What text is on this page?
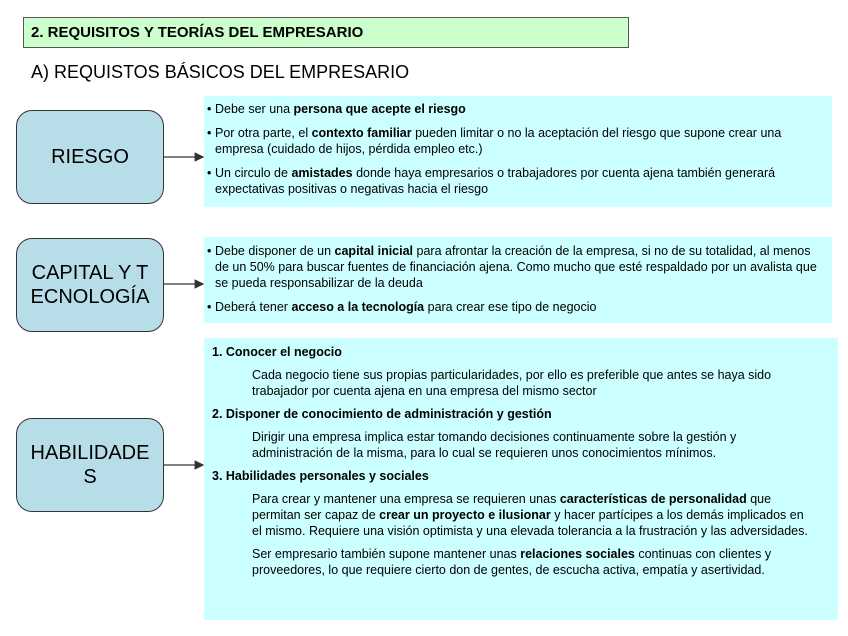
2. REQUISITOS Y TEORÍAS DEL EMPRESARIO
A) REQUISTOS BÁSICOS DEL EMPRESARIO
RIESGO
• Debe ser una persona que acepte el riesgo
• Por otra parte, el contexto familiar pueden limitar o no la aceptación del riesgo que supone crear una empresa (cuidado de hijos, pérdida empleo etc.)
• Un circulo de amistades donde haya empresarios o trabajadores por cuenta ajena también generará expectativas positivas o negativas hacia el riesgo
CAPITAL Y TECNOLOGÍA
• Debe disponer de un capital inicial para afrontar la creación de la empresa, si no de su totalidad, al menos de un 50% para buscar fuentes de financiación ajena. Como mucho que esté respaldado por un avalista que se pueda responsabilizar de la deuda
• Deberá tener acceso a la tecnología para crear ese tipo de negocio
HABILIDADES
1. Conocer el negocio
Cada negocio tiene sus propias particularidades, por ello es preferible que antes se haya sido trabajador por cuenta ajena en una empresa del mismo sector
2. Disponer de conocimiento de administración y gestión
Dirigir una empresa implica estar tomando decisiones continuamente sobre la gestión y administración de la misma, para lo cual se requieren unos conocimientos mínimos.
3. Habilidades personales y sociales
Para crear y mantener una empresa se requieren unas características de personalidad que permitan ser capaz de crear un proyecto e ilusionar y hacer partícipes a los demás implicados en el mismo. Requiere una visión optimista y una elevada tolerancia a la frustración y las adversidades.
Ser empresario también supone mantener unas relaciones sociales continuas con clientes y proveedores, lo que requiere cierto don de gentes, de escucha activa, empatía y asertividad.
